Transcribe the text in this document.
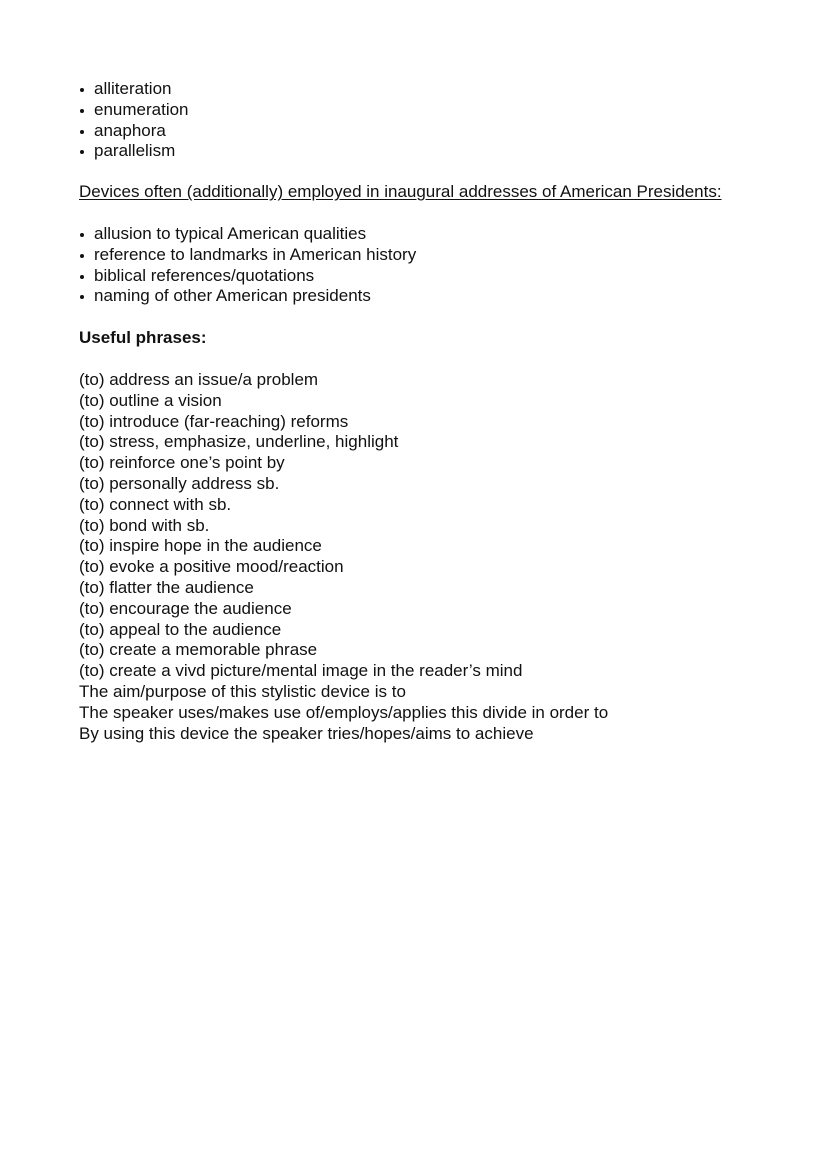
alliteration
enumeration
anaphora
parallelism

Devices often (additionally) employed in inaugural addresses of American Presidents:

allusion to typical American qualities
reference to landmarks in American history
biblical references/quotations
naming of other American presidents

Useful phrases:

(to) address an issue/a problem

(to) outline a vision

(to) introduce (far-reaching) reforms

(to) stress, emphasize, underline, highlight

(to) reinforce one’s point by

(to) personally address sb.

(to) connect with sb.

(to) bond with sb.

(to) inspire hope in the audience

(to) evoke a positive mood/reaction

(to) flatter the audience

(to) encourage the audience

(to) appeal to the audience

(to) create a memorable phrase

(to) create a vivd picture/mental image in the reader’s mind

The aim/purpose of this stylistic device is to

The speaker uses/makes use of/employs/applies this divide in order to

By using this device the speaker tries/hopes/aims to achieve
